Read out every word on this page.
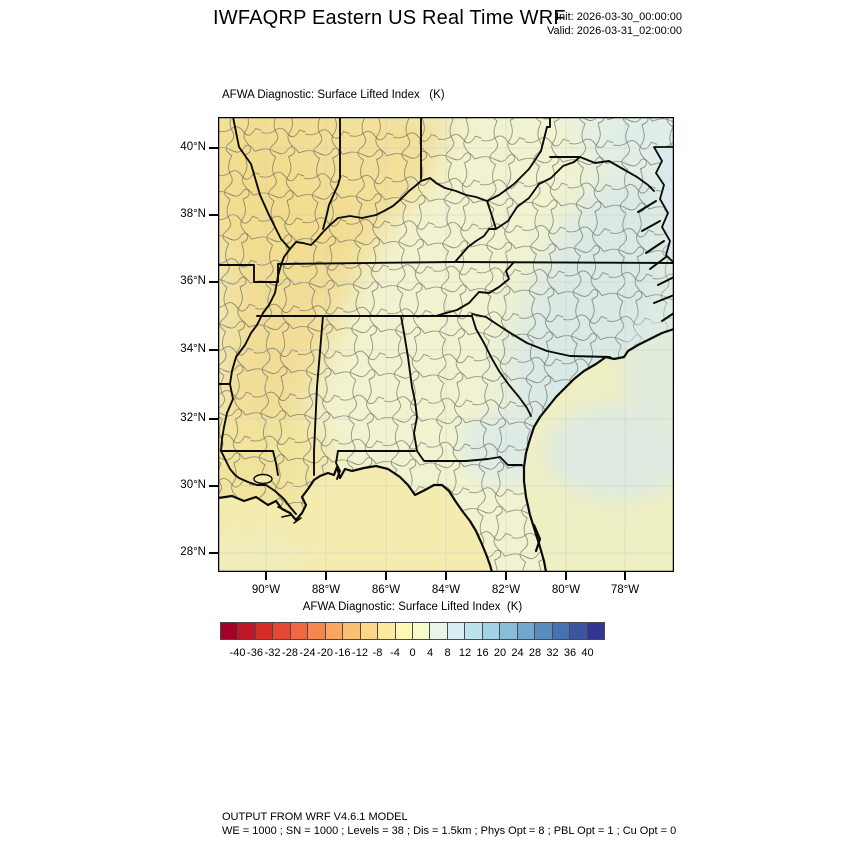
IWFAQRP Eastern US Real Time WRF
Init: 2026-03-30_00:00:00
Valid: 2026-03-31_02:00:00
AFWA Diagnostic: Surface Lifted Index   (K)
AFWA Diagnostic: Surface Lifted Index  (K)
OUTPUT FROM WRF V4.6.1 MODEL
WE = 1000 ; SN = 1000 ; Levels = 38 ; Dis = 1.5km ; Phys Opt = 8 ; PBL Opt = 1 ; Cu Opt = 0
40°N
38°N
36°N
34°N
32°N
30°N
28°N
90°W	88°W	86°W	84°W	82°W	80°W	78°W
-40 -36 -32 -28 -24 -20 -16 -12 -8 -4 0	4	8 12 16 20 24 28 32 36 40
